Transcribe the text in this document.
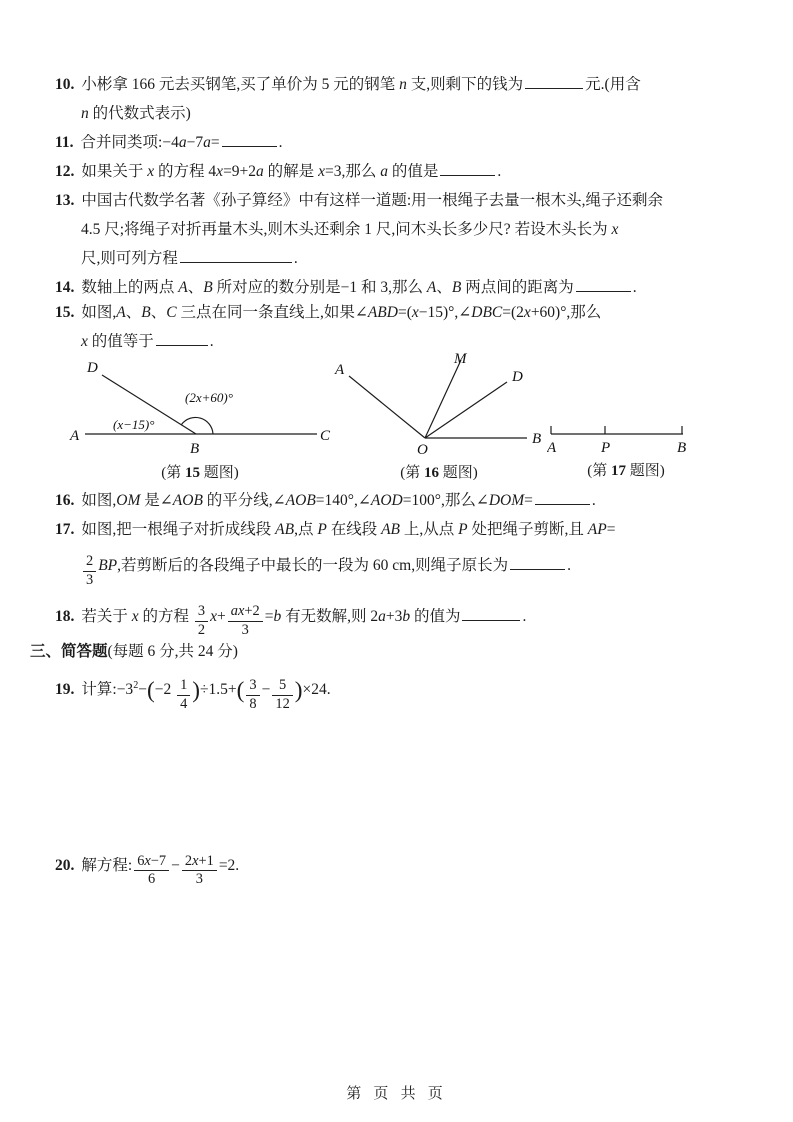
10. 小彬拿 166 元去买钢笔,买了单价为 5 元的钢笔 n 支,则剩下的钱为	元.(用含
n 的代数式表示)
11. 合并同类项:−4a−7a=	.
12. 如果关于 x 的方程 4x=9+2a 的解是 x=3,那么 a 的值是	.
13. 中国古代数学名著《孙子算经》中有这样一道题:用一根绳子去量一根木头,绳子还剩余
4.5 尺;将绳子对折再量木头,则木头还剩余 1 尺,问木头长多少尺? 若设木头长为 x
尺,则可列方程	.
14. 数轴上的两点 A、B 所对应的数分别是−1 和 3,那么 A、B 两点间的距离为	.
15. 如图,A、B、C 三点在同一条直线上,如果∠ABD=(x−15)°,∠DBC=(2x+60)°,那么
x 的值等于	.
D
A	C
B
(x−15)°
(2x+60)°
(第 15 题图)
A
M
D
O
B
(第 16 题图)
A	P	B
(第 17 题图)
16. 如图,OM 是∠AOB 的平分线,∠AOB=140°,∠AOD=100°,那么∠DOM=	.
17. 如图,把一根绳子对折成线段 AB,点 P 在线段 AB 上,从点 P 处把绳子剪断,且 AP=
$\frac{2}{3}$ BP,若剪断后的各段绳子中最长的一段为 60 cm,则绳子原长为	.
18. 若关于 x 的方程 $\frac{3}{2} x+ \frac{ax+2}{3} =b$ 有无数解,则 2a+3b 的值为	.
三、简答题(每题 6 分,共 24 分)
19. 计算$:-3^2-(-2 \frac{1}{4} )\div 1.5+( \frac{3}{8} - \frac{5}{12} )\times 24$.
20. 解方程: $\frac{6x-7}{6} - \frac{2x+1}{3} =2$.
第 页 共 页
